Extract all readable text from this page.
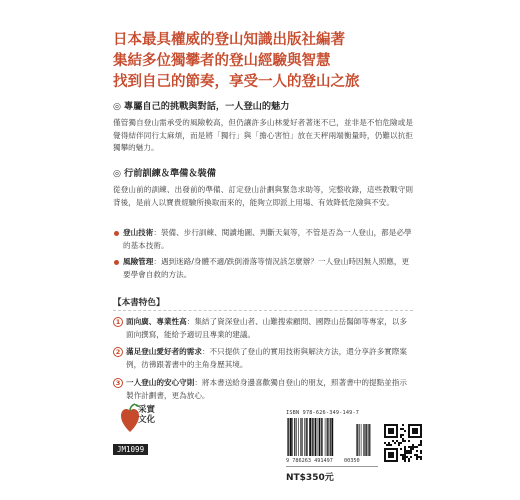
日本最具權威的登山知識出版社編著
集結多位獨攀者的登山經驗與智慧
找到自己的節奏，享受一人的登山之旅
◎ 專屬自己的挑戰與對話，一人登山的魅力
僅管獨自登山需承受的風險較高，但仍讓許多山林愛好者著迷不已，並非是不怕危險或是覺得結伴同行太麻煩，而是將「獨行」與「擔心害怕」放在天秤兩端衡量時，仍難以抗拒獨攀的魅力。
◎ 行前訓練＆準備＆裝備
從登山前的訓練、出發前的準備、訂定登山計劃與緊急求助等，完整收錄，這些教戰守則背後，是前人以寶貴經驗所換取而來的，能夠立即派上用場、有效降低危險與不安。
登山技術：裝備、步行訓練、閱讀地圖、判斷天氣等，不管是否為一人登山，都是必學的基本技術。
風險管理：遇到迷路/身體不適/跌倒滑落等情況該怎麼辦？一人登山時因無人照應，更要學會自救的方法。
【本書特色】
1 面向廣、專業性高：集結了資深登山者、山難搜索顧問、國際山岳醫師等專家，以多面向撰寫，能給予適切且專業的建議。
2 滿足登山愛好者的需求：不只提供了登山的實用技術與解決方法，還分享許多實際案例，彷彿跟著書中的主角身歷其境。
3 一人登山的安心守則：將本書送給身邊喜歡獨自登山的朋友，照著書中的提點並指示製作計劃書，更為放心。
采實
文化
JM1099
ISBN 978-626-349-149-7
9 786263 491497 00350
NT$350元
